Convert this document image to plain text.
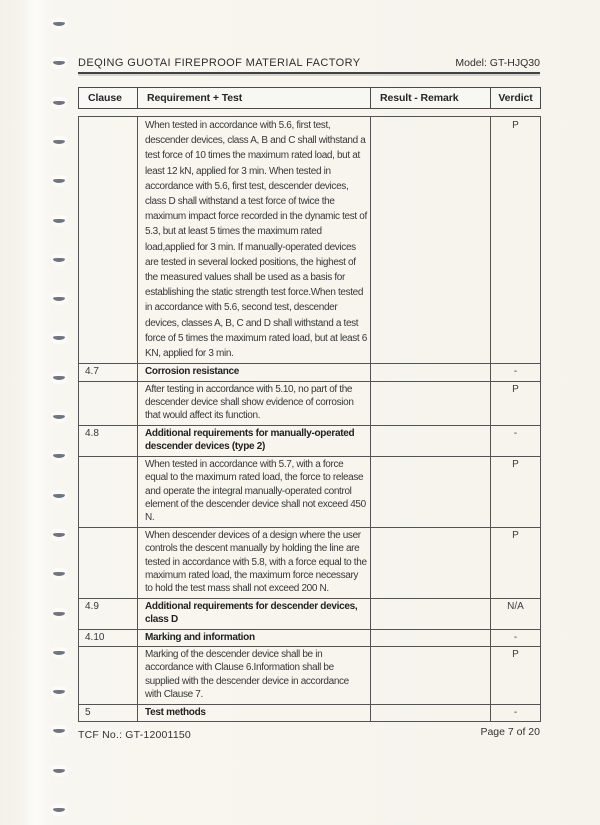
DEQING GUOTAI FIREPROOF MATERIAL FACTORY	Model: GT-HJQ30
Clause	Requirement + Test	Result - Remark	Verdict
	When tested in accordance with 5.6, first test, descender devices, class A, B and C shall withstand a test force of 10 times the maximum rated load, but at least 12 kN, applied for 3 min. When tested in accordance with 5.6, first test, descender devices, class D shall withstand a test force of twice the maximum impact force recorded in the dynamic test of 5.3, but at least 5 times the maximum rated load,applied for 3 min. If manually-operated devices are tested in several locked positions, the highest of the measured values shall be used as a basis for establishing the static strength test force.When tested in accordance with 5.6, second test, descender devices, classes A, B, C and D shall withstand a test force of 5 times the maximum rated load, but at least 6 KN, applied for 3 min.		P
4.7	Corrosion resistance		-
	After testing in accordance with 5.10, no part of the descender device shall show evidence of corrosion that would affect its function.		P
4.8	Additional requirements for manually-operated descender devices (type 2)		-
	When tested in accordance with 5.7, with a force equal to the maximum rated load, the force to release and operate the integral manually-operated control element of the descender device shall not exceed 450 N.		P
	When descender devices of a design where the user controls the descent manually by holding the line are tested in accordance with 5.8, with a force equal to the maximum rated load, the maximum force necessary to hold the test mass shall not exceed 200 N.		P
4.9	Additional requirements for descender devices, class D		N/A
4.10	Marking and information		-
	Marking of the descender device shall be in accordance with Clause 6.Information shall be supplied with the descender device in accordance with Clause 7.		P
5	Test methods		-
TCF No.: GT-12001150	Page 7 of 20
